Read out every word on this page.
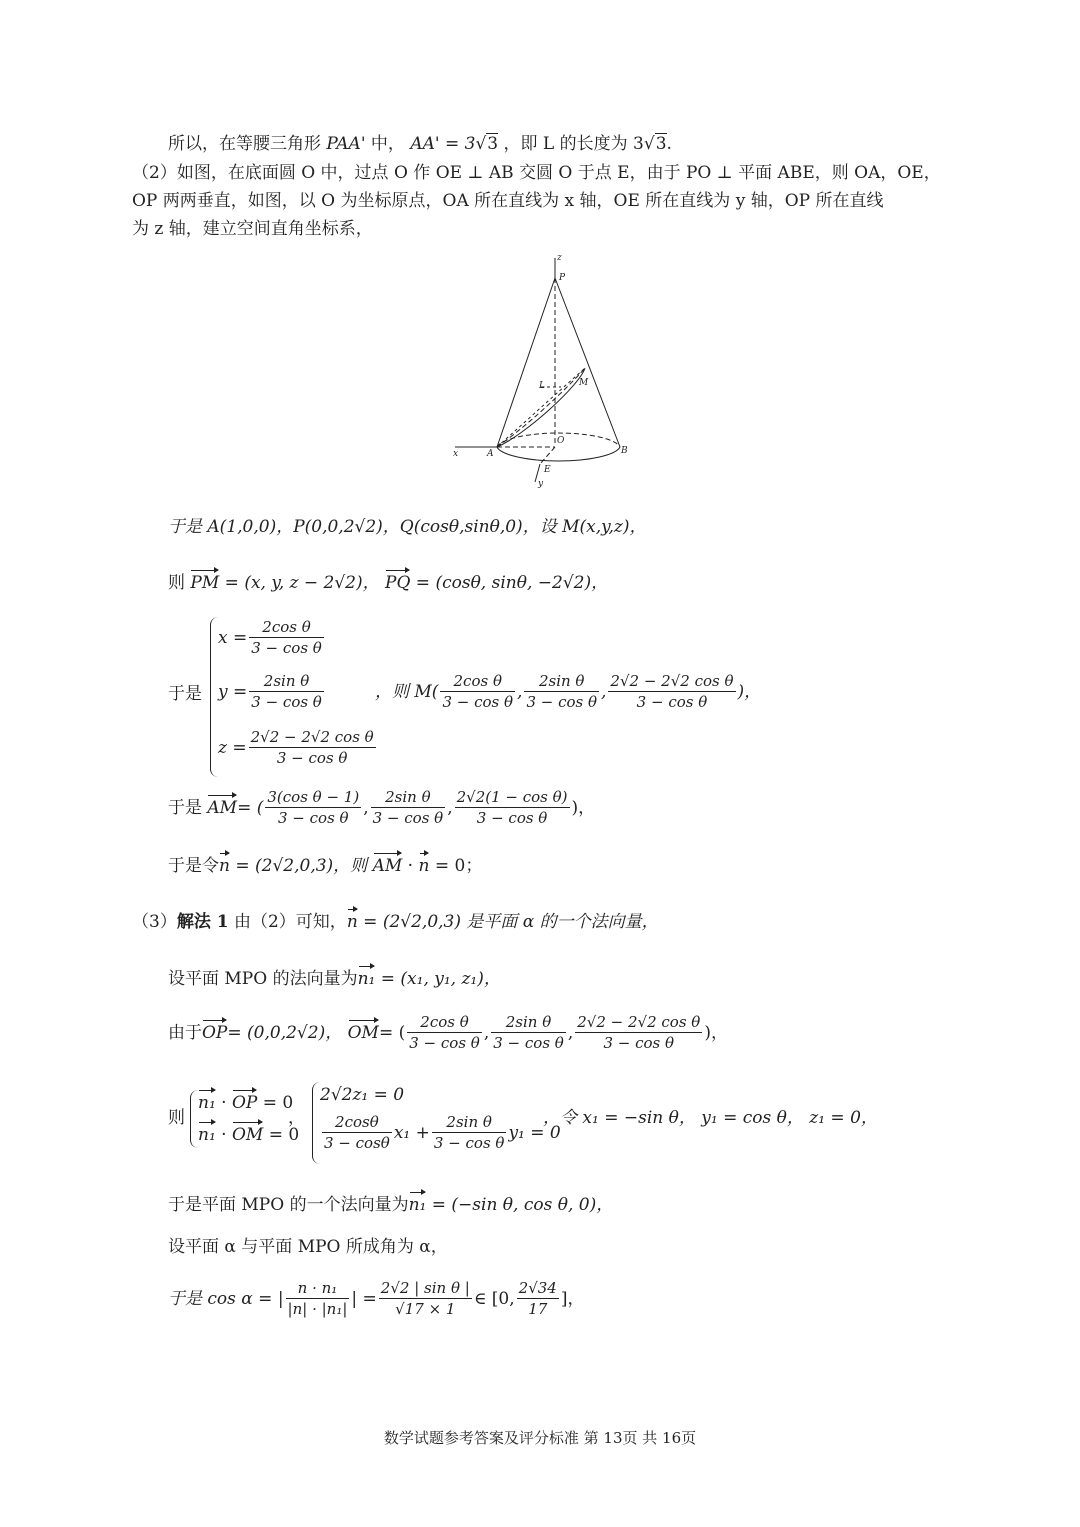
所以，在等腰三角形 PAA' 中， AA' = 3 √ 3 ，即 L 的长度为 3 √ 3.
（2）如图，在底面圆 O 中，过点 O 作 OE ⊥ AB 交圆 O 于点 E，由于 PO ⊥ 平面 ABE，则 OA，OE，
OP 两两垂直，如图，以 O 为坐标原点，OA 所在直线为 x 轴，OE 所在直线为 y 轴，OP 所在直线
为 z 轴，建立空间直角坐标系，
z
P
M
L
O
x	A	B
E
y
于是 A(1,0,0)，P(0,0,2√2)，Q(cosθ,sinθ,0)，设 M(x,y,z)，
则 PM = (x, y, z − 2√2)， PQ = (cosθ, sinθ, −2√2)，
于是
$x = \frac{\text{2cos θ}}{\text{3 − cos θ}}$
$y = \frac{\text{2sin θ}}{\text{3 − cos θ}}$
$z = \frac{\text{2√2 − 2√2 cos θ}}{\text{3 − cos θ}}$
，则 $M( \frac{\text{2cos θ}}{\text{3 − cos θ}}$ , $\frac{\text{2sin θ}}{\text{3 − cos θ}}$ , $\frac{\text{2√2 − 2√2 cos θ}}{\text{3 − cos θ}}$ )，
于是
AM = ( $\frac{\text{3(cos θ − 1)}}{\text{3 − cos θ}}$ , $\frac{\text{2sin θ}}{\text{3 − cos θ}}$ , $\frac{\text{2√2(1 − cos θ)}}{\text{3 − cos θ}}$ )，
于是令n = (2√2,0,3)，则 AM · n = 0；
（3）解法 1 由（2）可知，n = (2√2,0,3) 是平面 α 的一个法向量，
设平面 MPO 的法向量为n₁ = (x₁, y₁, z₁)，
由于 OP = (0,0,2√2)，
OM = ( $\frac{\text{2cos θ}}{\text{3 − cos θ}}$ , $\frac{\text{2sin θ}}{\text{3 − cos θ}}$ , $\frac{\text{2√2 − 2√2 cos θ}}{\text{3 − cos θ}}$ )，
则
n₁ · OP = 0
n₁ · OM = 0
，
2√2z₁ = 0
$\frac{2\cos\theta}{3 - \cos\theta} x_1 + \frac{\text{2sin θ}}{\text{3 − cos θ}} y_1 = 0$
，令 x₁ = −sin θ， y₁ = cos θ， z₁ = 0，
于是平面 MPO 的一个法向量为n₁ = (−sin θ, cos θ, 0)，
设平面 α 与平面 MPO 所成角为 α，
于是 cos α = | $\frac{\text{n · n₁}}{\text{|n| · |n₁|}}$ | = $\frac{\text{2√2 | sin θ |}}{√17 \times 1}$ ∈ [0, $\frac{2√34}{17}$ ]，
数学试题参考答案及评分标准 第 13页 共 16页
